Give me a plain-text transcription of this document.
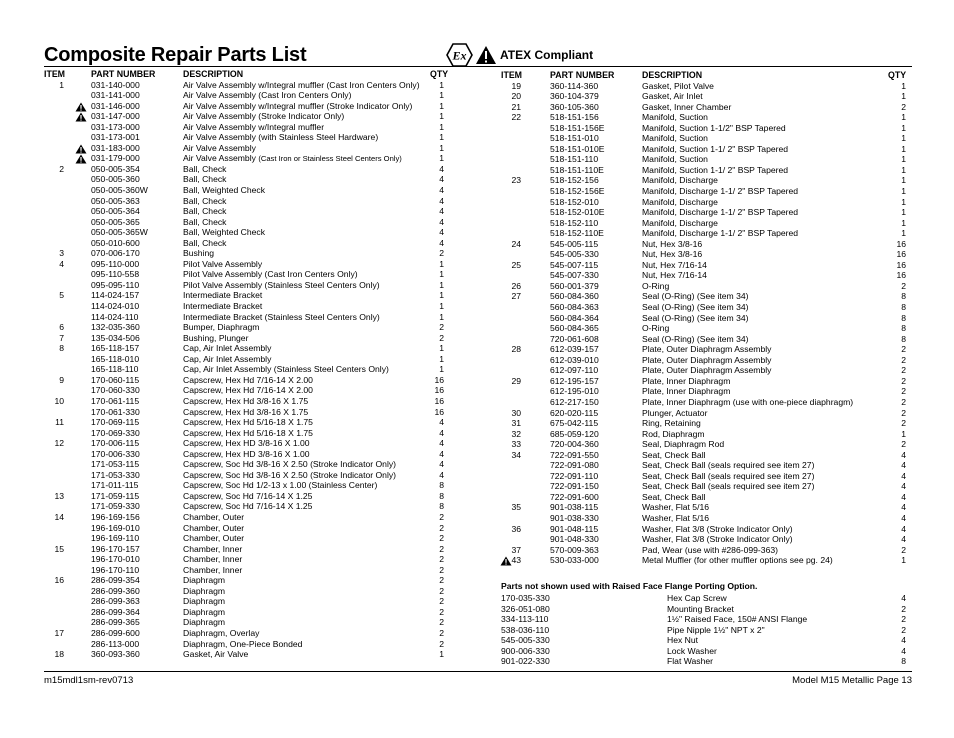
Composite Repair Parts List	Ex	ATEX Compliant
ITEM	PART NUMBER	DESCRIPTION	QTY
1	031-140-000	Air Valve Assembly w/Integral muffler (Cast Iron Centers Only)	1
031-141-000	Air Valve Assembly (Cast Iron Centers Only)	1
031-146-000	Air Valve Assembly w/Integral muffler (Stroke Indicator Only)	1
031-147-000	Air Valve Assembly (Stroke Indicator Only)	1
031-173-000	Air Valve Assembly w/Integral muffler	1
031-173-001	Air Valve Assembly (with Stainless Steel Hardware)	1
031-183-000	Air Valve Assembly	1
031-179-000	Air Valve Assembly (Cast Iron or Stainless Steel Centers Only)	1
2	050-005-354	Ball, Check	4
050-005-360	Ball, Check	4
050-005-360W	Ball, Weighted Check	4
050-005-363	Ball, Check	4
050-005-364	Ball, Check	4
050-005-365	Ball, Check	4
050-005-365W	Ball, Weighted Check	4
050-010-600	Ball, Check	4
3	070-006-170	Bushing	2
4	095-110-000	Pilot Valve Assembly	1
095-110-558	Pilot Valve Assembly (Cast Iron Centers Only)	1
095-095-110	Pilot Valve Assembly (Stainless Steel Centers Only)	1
5	114-024-157	Intermediate Bracket	1
114-024-010	Intermediate Bracket	1
114-024-110	Intermediate Bracket (Stainless Steel Centers Only)	1
6	132-035-360	Bumper, Diaphragm	2
7	135-034-506	Bushing, Plunger	2
8	165-118-157	Cap, Air Inlet Assembly	1
165-118-010	Cap, Air Inlet Assembly	1
165-118-110	Cap, Air Inlet Assembly (Stainless Steel Centers Only)	1
9	170-060-115	Capscrew, Hex Hd 7/16-14 X 2.00	16
170-060-330	Capscrew, Hex Hd 7/16-14 X 2.00	16
10	170-061-115	Capscrew, Hex Hd 3/8-16 X 1.75	16
170-061-330	Capscrew, Hex Hd 3/8-16 X 1.75	16
11	170-069-115	Capscrew, Hex Hd 5/16-18 X 1.75	4
170-069-330	Capscrew, Hex Hd 5/16-18 X 1.75	4
12	170-006-115	Capscrew, Hex HD 3/8-16 X 1.00	4
170-006-330	Capscrew, Hex HD 3/8-16 X 1.00	4
171-053-115	Capscrew, Soc Hd 3/8-16 X 2.50 (Stroke Indicator Only)	4
171-053-330	Capscrew, Soc Hd 3/8-16 X 2.50 (Stroke Indicator Only)	4
171-011-115	Capscrew, Soc Hd 1/2-13 x 1.00 (Stainless Center)	8
13	171-059-115	Capscrew, Soc Hd 7/16-14 X 1.25	8
171-059-330	Capscrew, Soc Hd 7/16-14 X 1.25	8
14	196-169-156	Chamber, Outer	2
196-169-010	Chamber, Outer	2
196-169-110	Chamber, Outer	2
15	196-170-157	Chamber, Inner	2
196-170-010	Chamber, Inner	2
196-170-110	Chamber, Inner	2
16	286-099-354	Diaphragm	2
286-099-360	Diaphragm	2
286-099-363	Diaphragm	2
286-099-364	Diaphragm	2
286-099-365	Diaphragm	2
17	286-099-600	Diaphragm, Overlay	2
286-113-000	Diaphragm, One-Piece Bonded	2
18	360-093-360	Gasket, Air Valve	1
ITEM	PART NUMBER	DESCRIPTION	QTY
19	360-114-360	Gasket, Pilot Valve	1
20	360-104-379	Gasket, Air Inlet	1
21	360-105-360	Gasket, Inner Chamber	2
22	518-151-156	Manifold, Suction	1
518-151-156E	Manifold, Suction 1-1/2" BSP Tapered	1
518-151-010	Manifold, Suction	1
518-151-010E	Manifold, Suction 1-1/ 2" BSP Tapered	1
518-151-110	Manifold, Suction	1
518-151-110E	Manifold, Suction 1-1/ 2" BSP Tapered	1
23	518-152-156	Manifold, Discharge	1
518-152-156E	Manifold, Discharge 1-1/ 2" BSP Tapered	1
518-152-010	Manifold, Discharge	1
518-152-010E	Manifold, Discharge 1-1/ 2" BSP Tapered	1
518-152-110	Manifold, Discharge	1
518-152-110E	Manifold, Discharge 1-1/ 2" BSP Tapered	1
24	545-005-115	Nut, Hex 3/8-16	16
545-005-330	Nut, Hex 3/8-16	16
25	545-007-115	Nut, Hex 7/16-14	16
545-007-330	Nut, Hex 7/16-14	16
26	560-001-379	O-Ring	2
27	560-084-360	Seal (O-Ring) (See item 34)	8
560-084-363	Seal (O-Ring) (See item 34)	8
560-084-364	Seal (O-Ring) (See item 34)	8
560-084-365	O-Ring	8
720-061-608	Seal (O-Ring) (See item 34)	8
28	612-039-157	Plate, Outer Diaphragm Assembly	2
612-039-010	Plate, Outer Diaphragm Assembly	2
612-097-110	Plate, Outer Diaphragm Assembly	2
29	612-195-157	Plate, Inner Diaphragm	2
612-195-010	Plate, Inner Diaphragm	2
612-217-150	Plate, Inner Diaphragm (use with one-piece diaphragm)	2
30	620-020-115	Plunger, Actuator	2
31	675-042-115	Ring, Retaining	2
32	685-059-120	Rod, Diaphragm	1
33	720-004-360	Seal, Diaphragm Rod	2
34	722-091-550	Seat, Check Ball	4
722-091-080	Seat, Check Ball (seals required see item 27)	4
722-091-110	Seat, Check Ball (seals required see item 27)	4
722-091-150	Seat, Check Ball (seals required see item 27)	4
722-091-600	Seat, Check Ball	4
35	901-038-115	Washer, Flat 5/16	4
901-038-330	Washer, Flat 5/16	4
36	901-048-115	Washer, Flat 3/8 (Stroke Indicator Only)	4
901-048-330	Washer, Flat 3/8 (Stroke Indicator Only)	4
37	570-009-363	Pad, Wear (use with #286-099-363)	2
43	530-033-000	Metal Muffler (for other muffler options see pg. 24)	1
Parts not shown used with Raised Face Flange Porting Option.
170-035-330	Hex Cap Screw	4
326-051-080	Mounting Bracket	2
334-113-110	1½" Raised Face, 150# ANSI Flange	2
538-036-110	Pipe Nipple 1½" NPT x 2"	2
545-005-330	Hex Nut	4
900-006-330	Lock Washer	4
901-022-330	Flat Washer	8
m15mdl1sm-rev0713	Model M15 Metallic Page 13
